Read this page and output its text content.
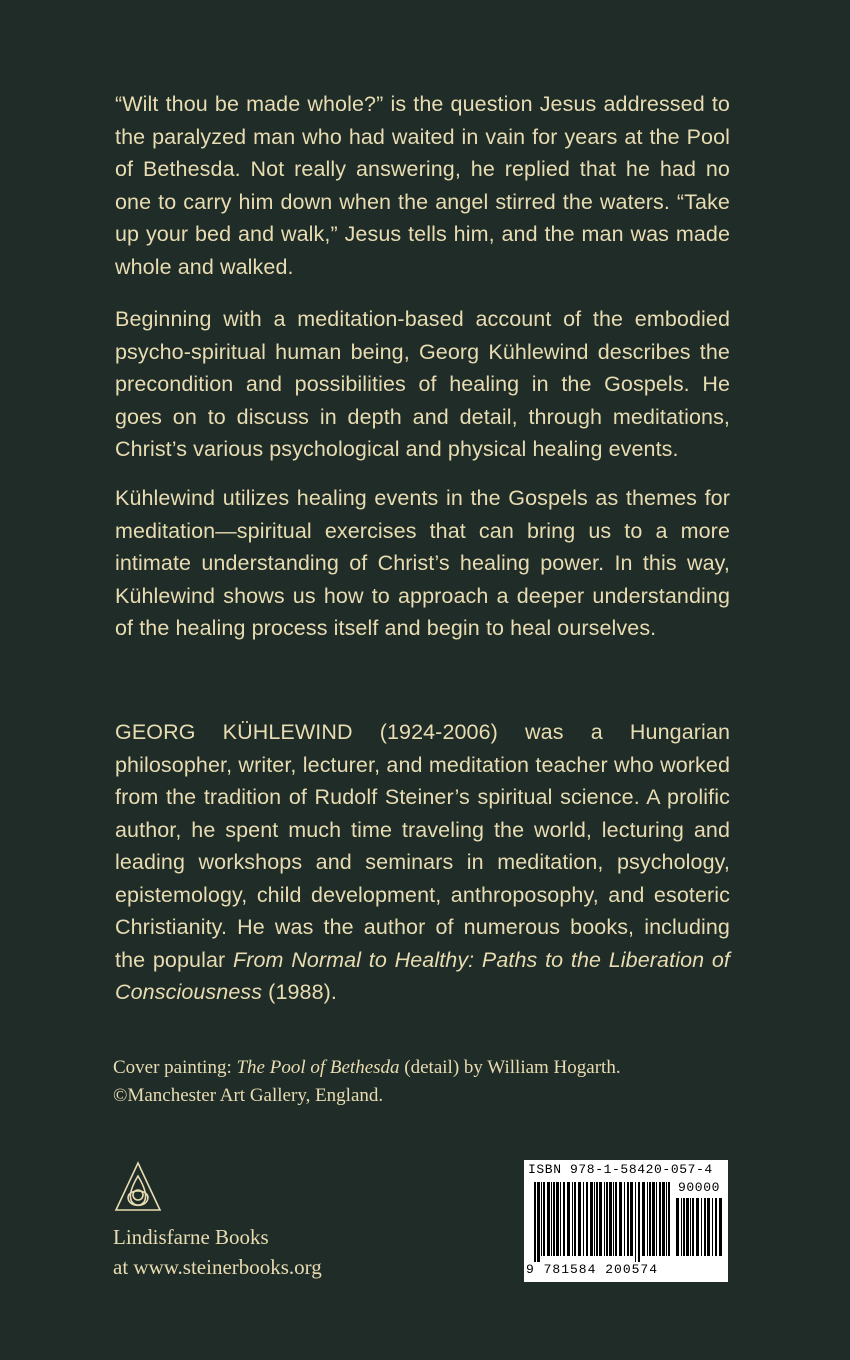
“Wilt thou be made whole?” is the question Jesus addressed to the paralyzed man who had waited in vain for years at the Pool of Bethesda. Not really answering, he replied that he had no one to carry him down when the angel stirred the waters. “Take up your bed and walk,” Jesus tells him, and the man was made whole and walked.

Beginning with a meditation-based account of the embodied psycho-spiritual human being, Georg Kühlewind describes the precondition and possibilities of healing in the Gospels. He goes on to discuss in depth and detail, through meditations, Christ’s various psychological and physical healing events.

Kühlewind utilizes healing events in the Gospels as themes for meditation—spiritual exercises that can bring us to a more intimate understanding of Christ’s healing power. In this way, Kühlewind shows us how to approach a deeper understanding of the healing process itself and begin to heal ourselves.

GEORG KÜHLEWIND (1924-2006) was a Hungarian philosopher, writer, lecturer, and meditation teacher who worked from the tradition of Rudolf Steiner’s spiritual science. A prolific author, he spent much time traveling the world, lecturing and leading workshops and seminars in meditation, psychology, epistemology, child development, anthroposophy, and esoteric Christianity. He was the author of numerous books, including the popular From Normal to Healthy: Paths to the Liberation of Consciousness (1988).

Cover painting: The Pool of Bethesda (detail) by William Hogarth.
©Manchester Art Gallery, England.
Lindisfarne Books
at www.steinerbooks.org
ISBN 978-1-58420-057-4
90000
9 781584 200574
